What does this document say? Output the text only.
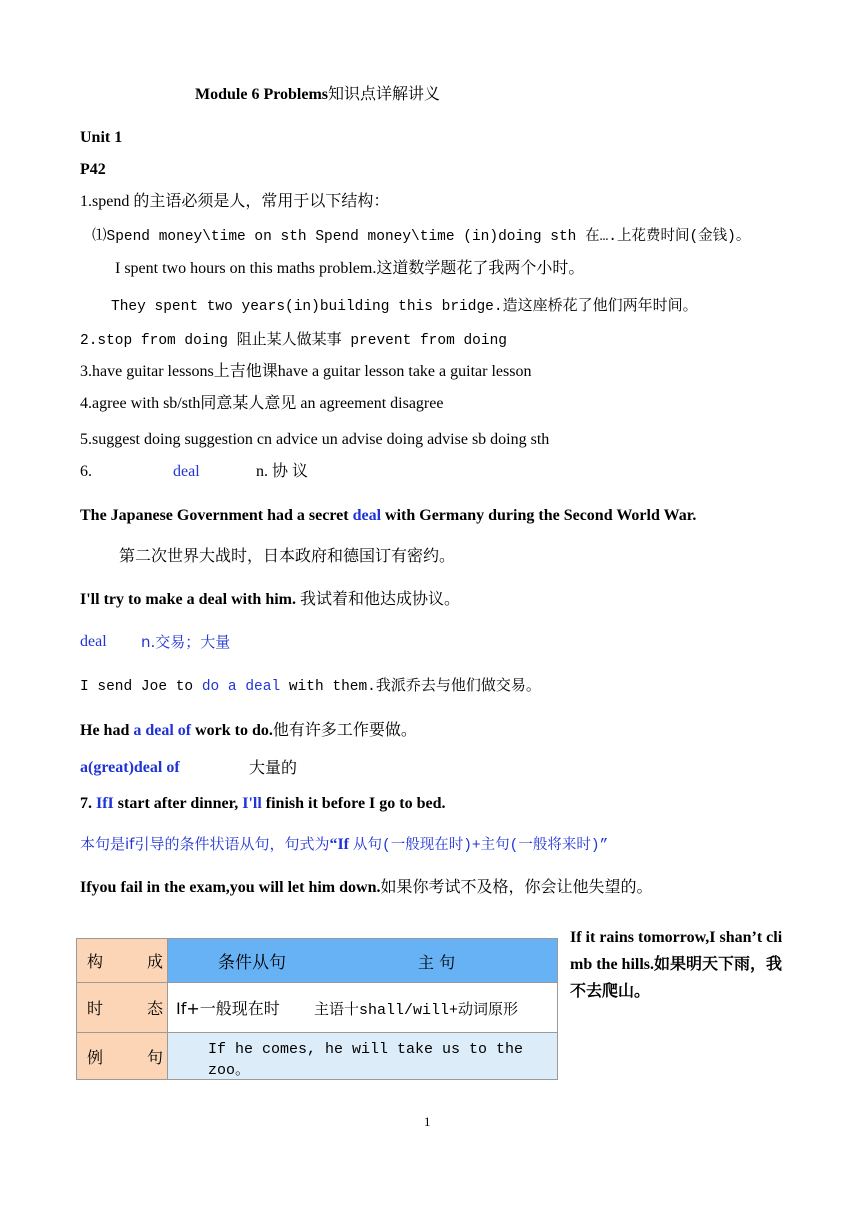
Module 6 Problems知识点详解讲义
Unit 1
P42
1.spend 的主语必须是人，常用于以下结构：
⑴Spend money\time on sth Spend money\time (in)doing sth 在….上花费时间(金钱)。
I spent two hours on this maths problem.这道数学题花了我两个小时。
They spent two years(in)building this bridge.造这座桥花了他们两年时间。
2.stop from doing 阻止某人做某事 prevent from doing
3.have guitar lessons上吉他课have a guitar lesson take a guitar lesson
4.agree with sb/sth同意某人意见 an agreement disagree
5.suggest doing suggestion cn advice un advise doing advise sb doing sth
6.	deal	n. 协 议
The Japanese Government had a secret deal with Germany during the Second World War.
第二次世界大战时，日本政府和德国订有密约。
I'll try to make a deal with him. 我试着和他达成协议。
deal n.交易；大量
I send Joe to do a deal with them.我派乔去与他们做交易。
He had a deal of work to do.他有许多工作要做。
a(great)deal of	大量的
7. IfI start after dinner, I'll finish it before I go to bed.
本句是if引导的条件状语从句，句式为“If 从句(一般现在时)+主句(一般将来时)”
Ifyou fail in the exam,you will let him down.如果你考试不及格，你会让他失望的。
构 成	条件从句 主 句
时 态	If+一般现在时 主语十shall/will+动词原形
例 句	If he comes, he will take us to the zoo。
If it rains tomorrow,I shan’t climb the hills.如果明天下雨，我不去爬山。
1
